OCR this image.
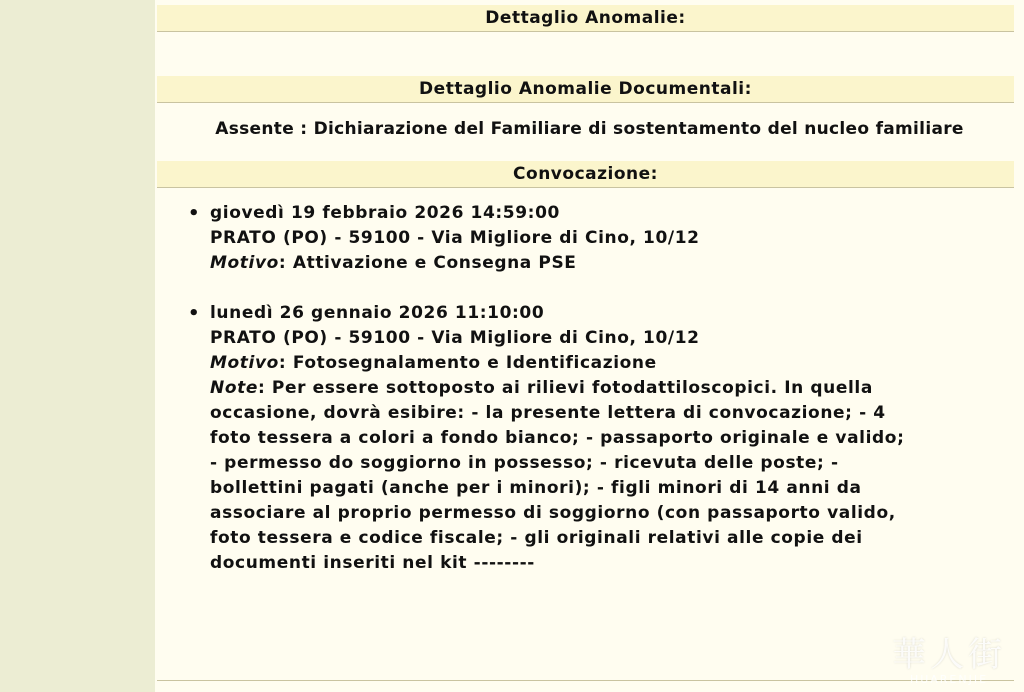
Dettaglio Anomalie:
Dettaglio Anomalie Documentali:
Assente : Dichiarazione del Familiare di sostentamento del nucleo familiare
Convocazione:
• giovedì 19 febbraio 2026 14:59:00
PRATO (PO) - 59100 - Via Migliore di Cino, 10/12
Motivo: Attivazione e Consegna PSE
• lunedì 26 gennaio 2026 11:10:00
PRATO (PO) - 59100 - Via Migliore di Cino, 10/12
Motivo: Fotosegnalamento e Identificazione
Note: Per essere sottoposto ai rilievi fotodattiloscopici. In quella occasione, dovrà esibire: - la presente lettera di convocazione; - 4 foto tessera a colori a fondo bianco; - passaporto originale e valido; - permesso do soggiorno in possesso; - ricevuta delle poste; - bollettini pagati (anche per i minori); - figli minori di 14 anni da associare al proprio permesso di soggiorno (con passaporto valido, foto tessera e codice fiscale; - gli originali relativi alle copie dei documenti inseriti nel kit --------
華人街
HUARENJIE
